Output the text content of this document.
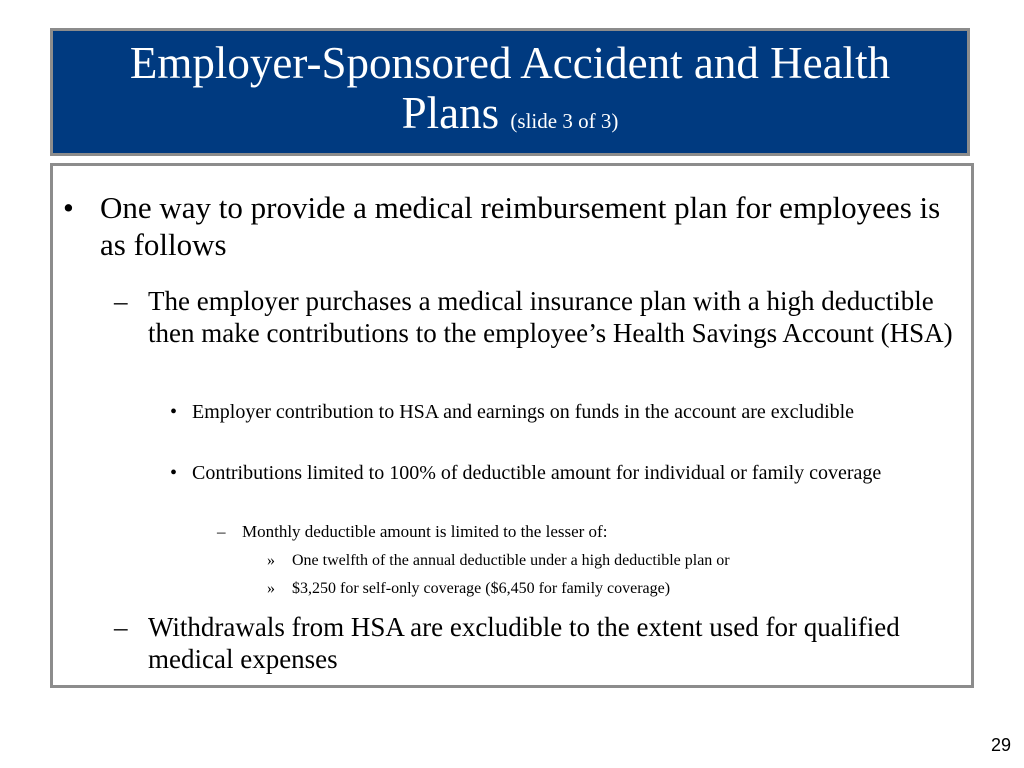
Employer-Sponsored Accident and Health
Plans (slide 3 of 3)
• One way to provide a medical reimbursement plan for employees is as follows
– The employer purchases a medical insurance plan with a high deductible then make contributions to the employee’s Health Savings Account (HSA)
• Employer contribution to HSA and earnings on funds in the account are excludible
• Contributions limited to 100% of deductible amount for individual or family coverage
– Monthly deductible amount is limited to the lesser of:
» One twelfth of the annual deductible under a high deductible plan or
» $3,250 for self-only coverage ($6,450 for family coverage)
– Withdrawals from HSA are excludible to the extent used for qualified medical expenses
29
